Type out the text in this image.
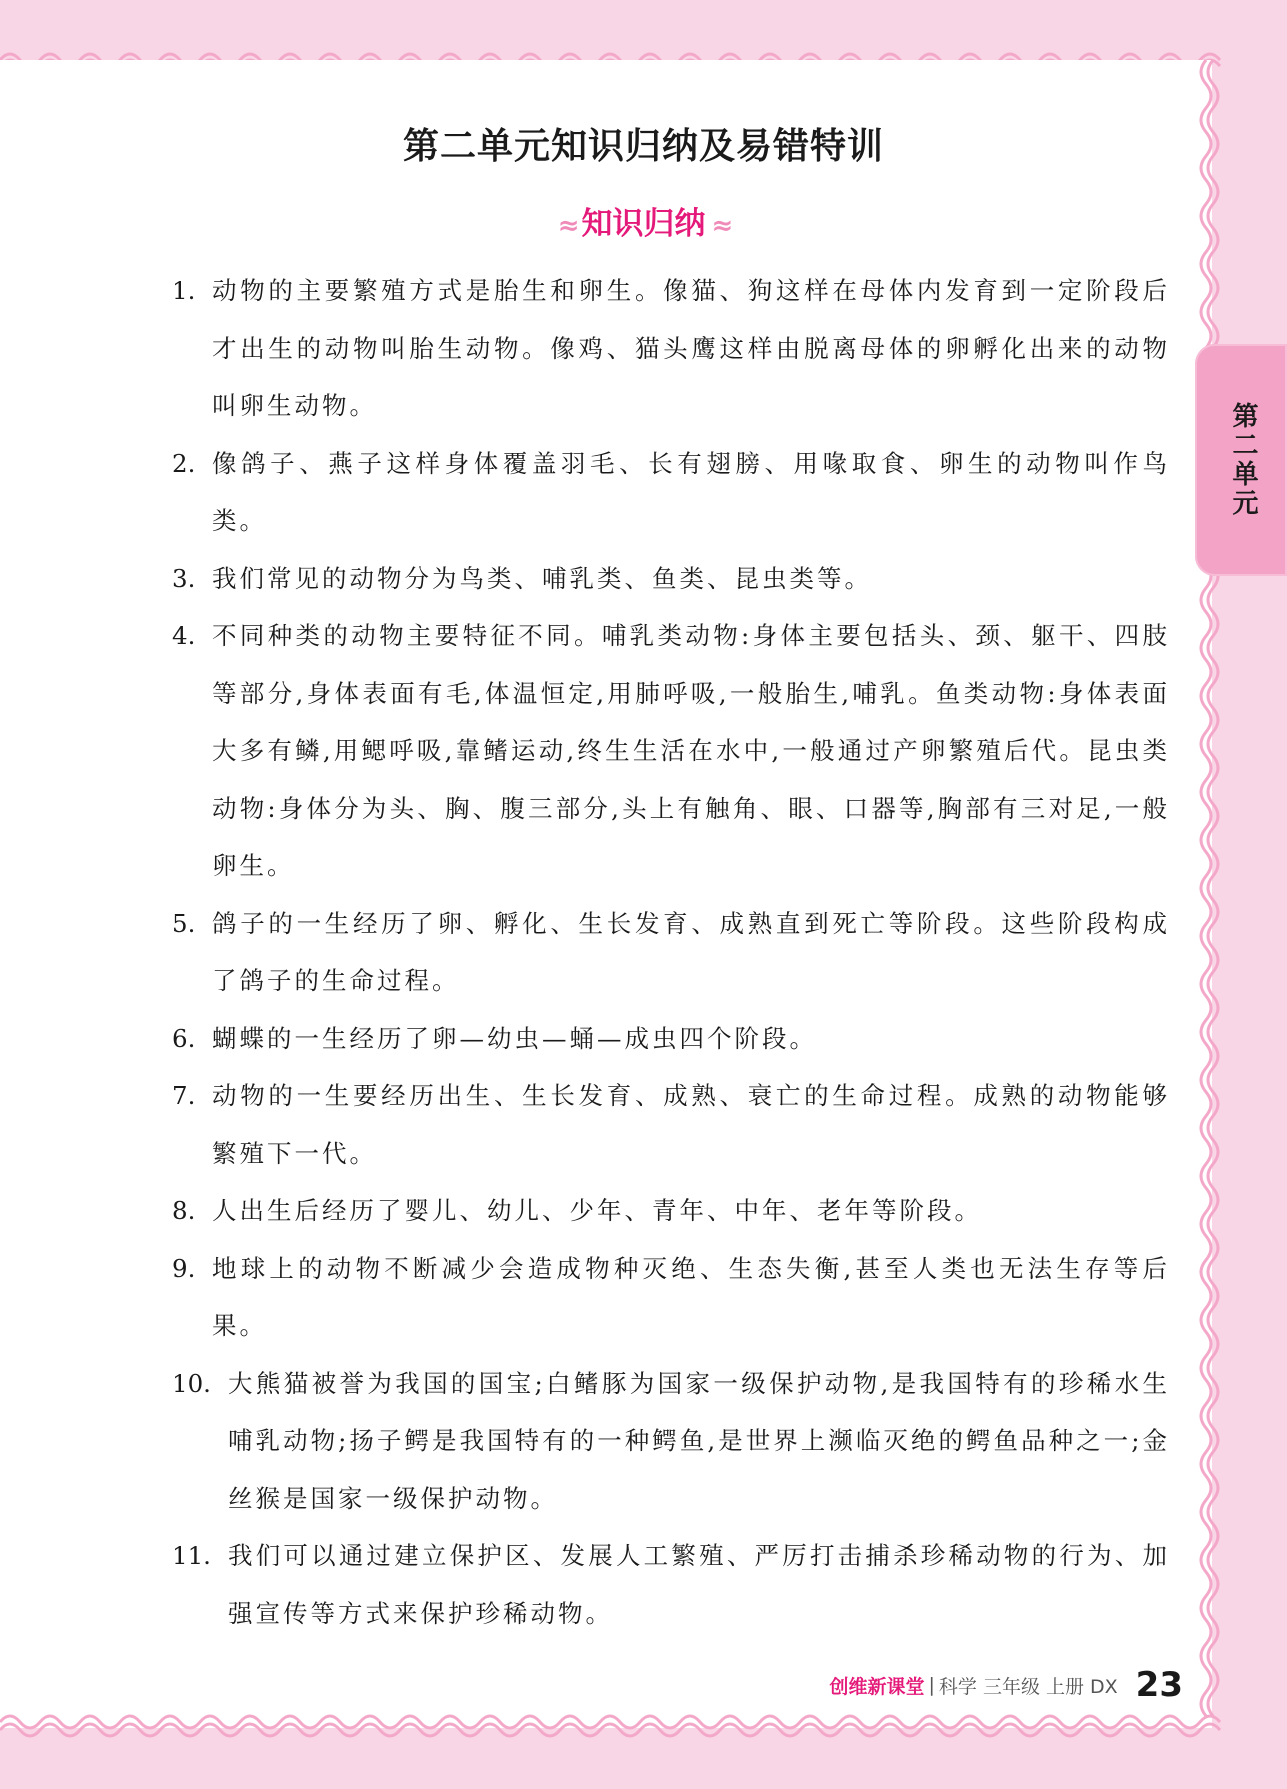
第二单元知识归纳及易错特训
≈ 知识归纳 ≈
第二单元
1. 动物的主要繁殖方式是胎生和卵生。像猫、狗这样在母体内发育到一定阶段后才出生的动物叫胎生动物。像鸡、猫头鹰这样由脱离母体的卵孵化出来的动物叫卵生动物。
2. 像鸽子、燕子这样身体覆盖羽毛、长有翅膀、用喙取食、卵生的动物叫作鸟类。
3. 我们常见的动物分为鸟类、哺乳类、鱼类、昆虫类等。
4. 不同种类的动物主要特征不同。哺乳类动物:身体主要包括头、颈、躯干、四肢等部分,身体表面有毛,体温恒定,用肺呼吸,一般胎生,哺乳。鱼类动物:身体表面大多有鳞,用鳃呼吸,靠鳍运动,终生生活在水中,一般通过产卵繁殖后代。昆虫类动物:身体分为头、胸、腹三部分,头上有触角、眼、口器等,胸部有三对足,一般卵生。
5. 鸽子的一生经历了卵、孵化、生长发育、成熟直到死亡等阶段。这些阶段构成了鸽子的生命过程。
6. 蝴蝶的一生经历了卵—幼虫—蛹—成虫四个阶段。
7. 动物的一生要经历出生、生长发育、成熟、衰亡的生命过程。成熟的动物能够繁殖下一代。
8. 人出生后经历了婴儿、幼儿、少年、青年、中年、老年等阶段。
9. 地球上的动物不断减少会造成物种灭绝、生态失衡,甚至人类也无法生存等后果。
10. 大熊猫被誉为我国的国宝;白鳍豚为国家一级保护动物,是我国特有的珍稀水生哺乳动物;扬子鳄是我国特有的一种鳄鱼,是世界上濒临灭绝的鳄鱼品种之一;金丝猴是国家一级保护动物。
11. 我们可以通过建立保护区、发展人工繁殖、严厉打击捕杀珍稀动物的行为、加强宣传等方式来保护珍稀动物。
创维新课堂 | 科学 三年级 上册 DX 23
